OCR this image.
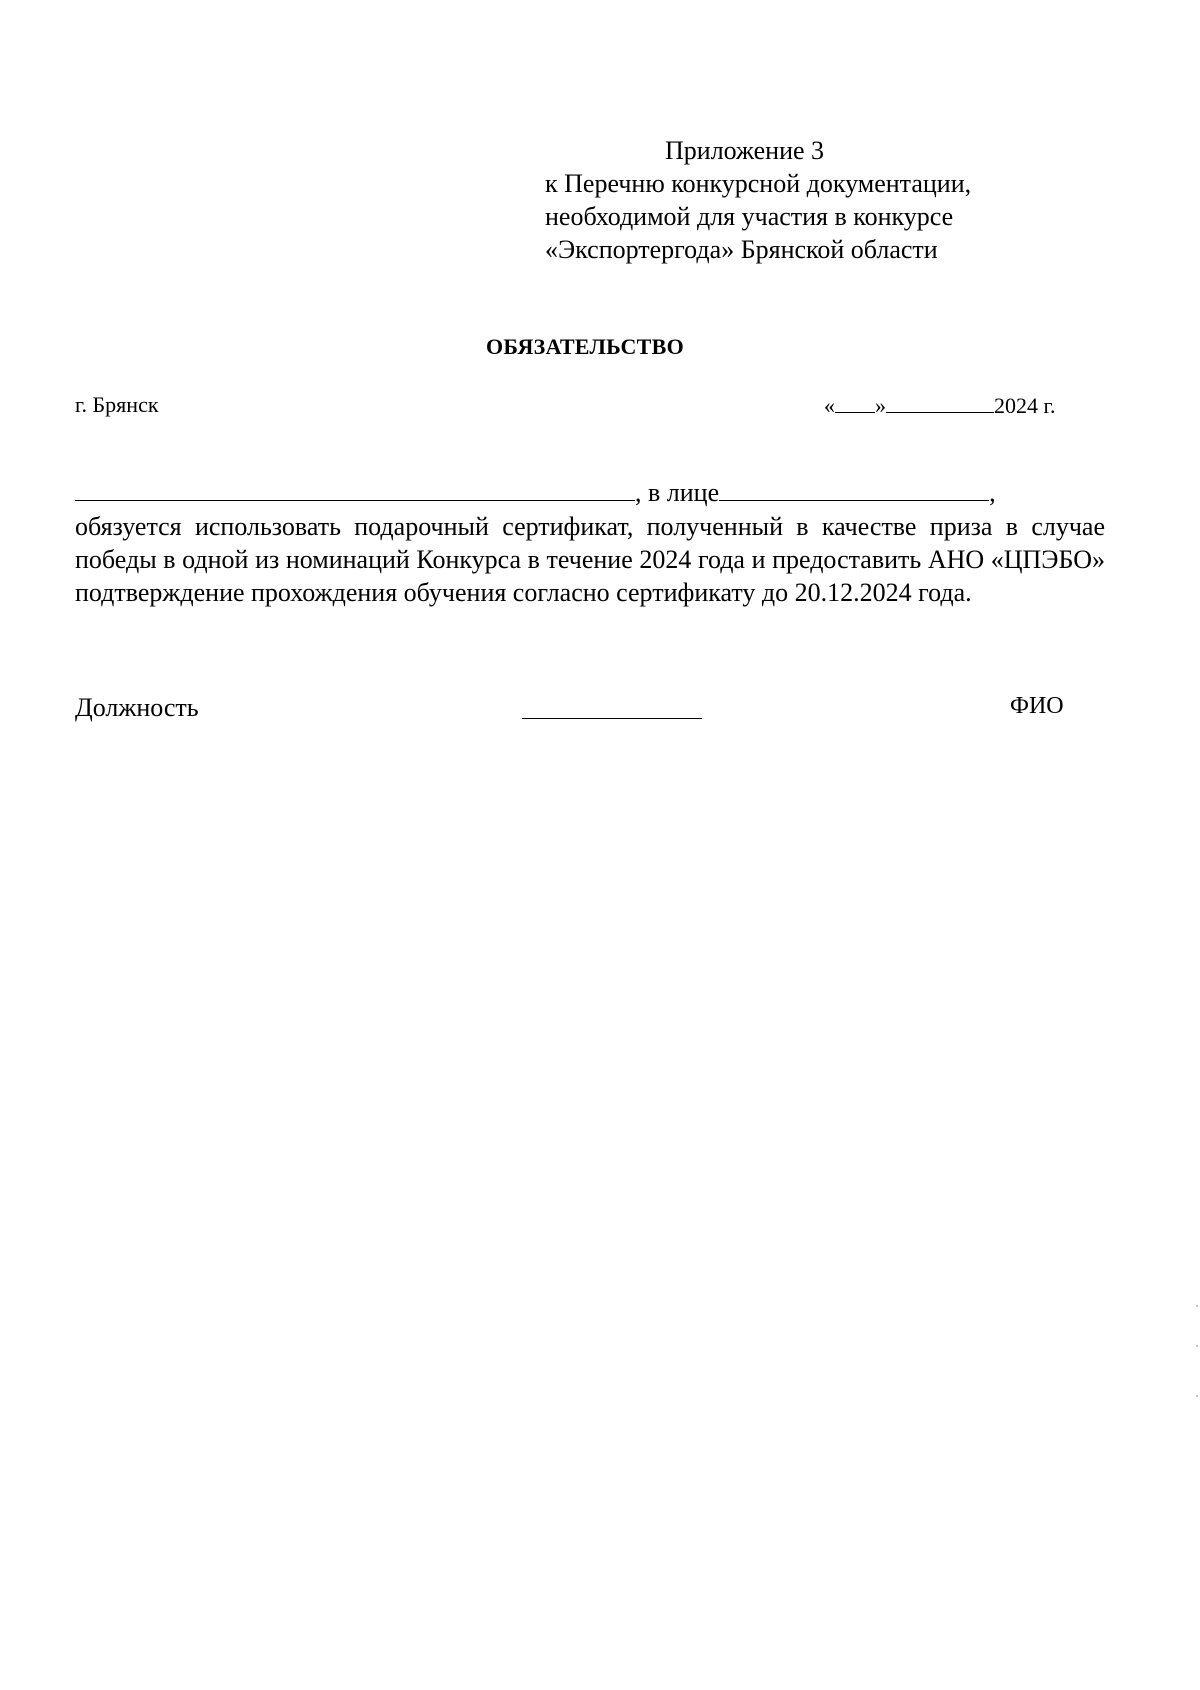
Приложение 3
к Перечню конкурсной документации,
необходимой для участия в конкурсе
«Экспортергода» Брянской области
ОБЯЗАТЕЛЬСТВО
г. Брянск	« »	2024 г.
, в лице	,
обязуется использовать подарочный сертификат, полученный в качестве приза в случае победы в одной из номинаций Конкурса в течение 2024 года и предоставить АНО «ЦПЭБО» подтверждение прохождения обучения согласно сертификату до 20.12.2024 года.
Должность	ФИО
